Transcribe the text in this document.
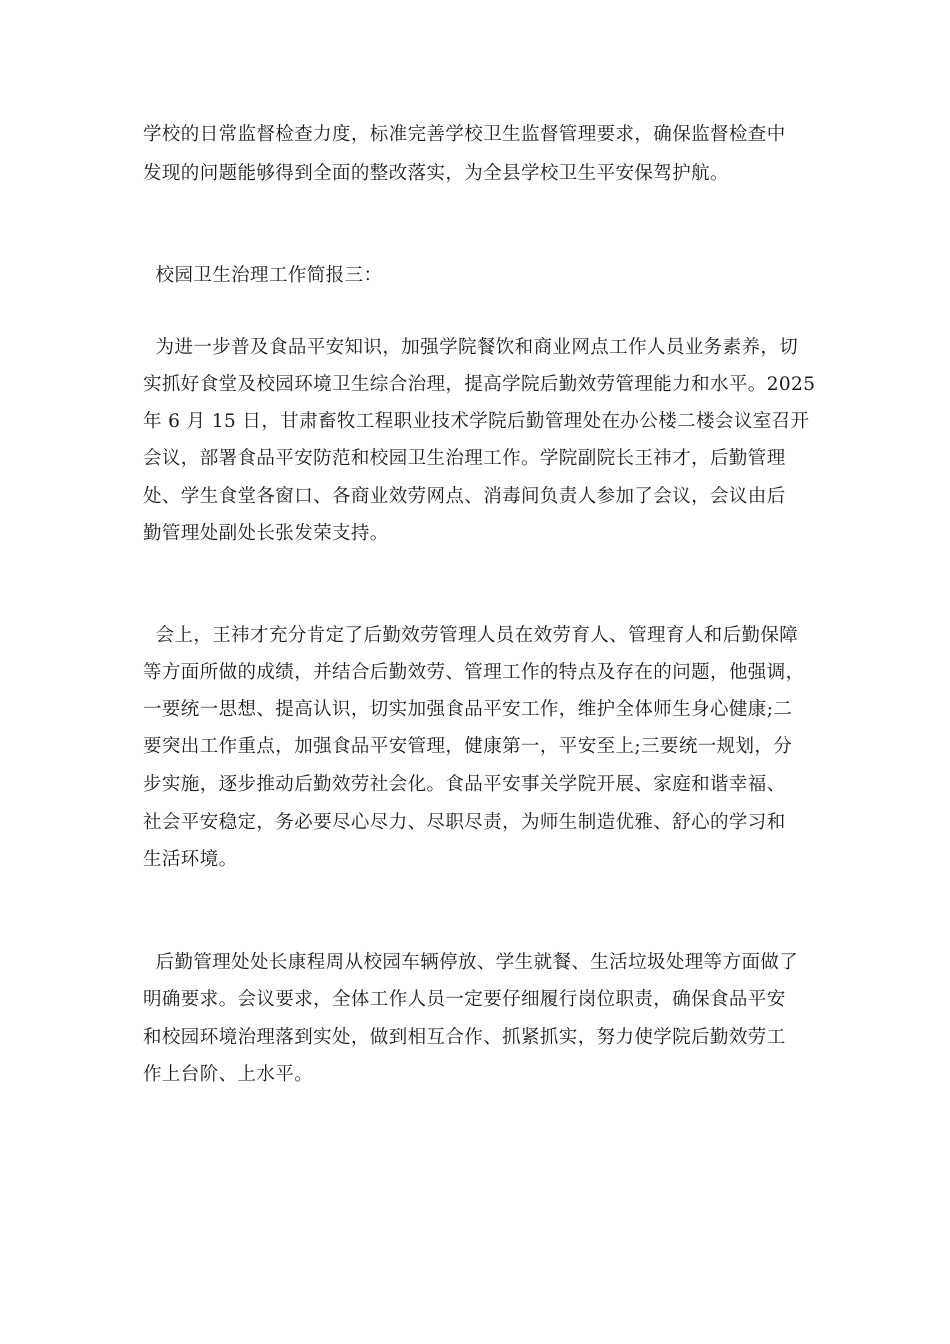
学校的日常监督检查力度，标准完善学校卫生监督管理要求，确保监督检查中
发现的问题能够得到全面的整改落实，为全县学校卫生平安保驾护航。
校园卫生治理工作简报三：
为进一步普及食品平安知识，加强学院餐饮和商业网点工作人员业务素养，切
实抓好食堂及校园环境卫生综合治理，提高学院后勤效劳管理能力和水平。2025
年 6 月 15 日，甘肃畜牧工程职业技术学院后勤管理处在办公楼二楼会议室召开
会议，部署食品平安防范和校园卫生治理工作。学院副院长王祎才，后勤管理
处、学生食堂各窗口、各商业效劳网点、消毒间负责人参加了会议，会议由后
勤管理处副处长张发荣支持。
会上，王祎才充分肯定了后勤效劳管理人员在效劳育人、管理育人和后勤保障
等方面所做的成绩，并结合后勤效劳、管理工作的特点及存在的问题，他强调，
一要统一思想、提高认识，切实加强食品平安工作，维护全体师生身心健康;二
要突出工作重点，加强食品平安管理，健康第一，平安至上;三要统一规划，分
步实施，逐步推动后勤效劳社会化。食品平安事关学院开展、家庭和谐幸福、
社会平安稳定，务必要尽心尽力、尽职尽责，为师生制造优雅、舒心的学习和
生活环境。
后勤管理处处长康程周从校园车辆停放、学生就餐、生活垃圾处理等方面做了
明确要求。会议要求，全体工作人员一定要仔细履行岗位职责，确保食品平安
和校园环境治理落到实处，做到相互合作、抓紧抓实，努力使学院后勤效劳工
作上台阶、上水平。
